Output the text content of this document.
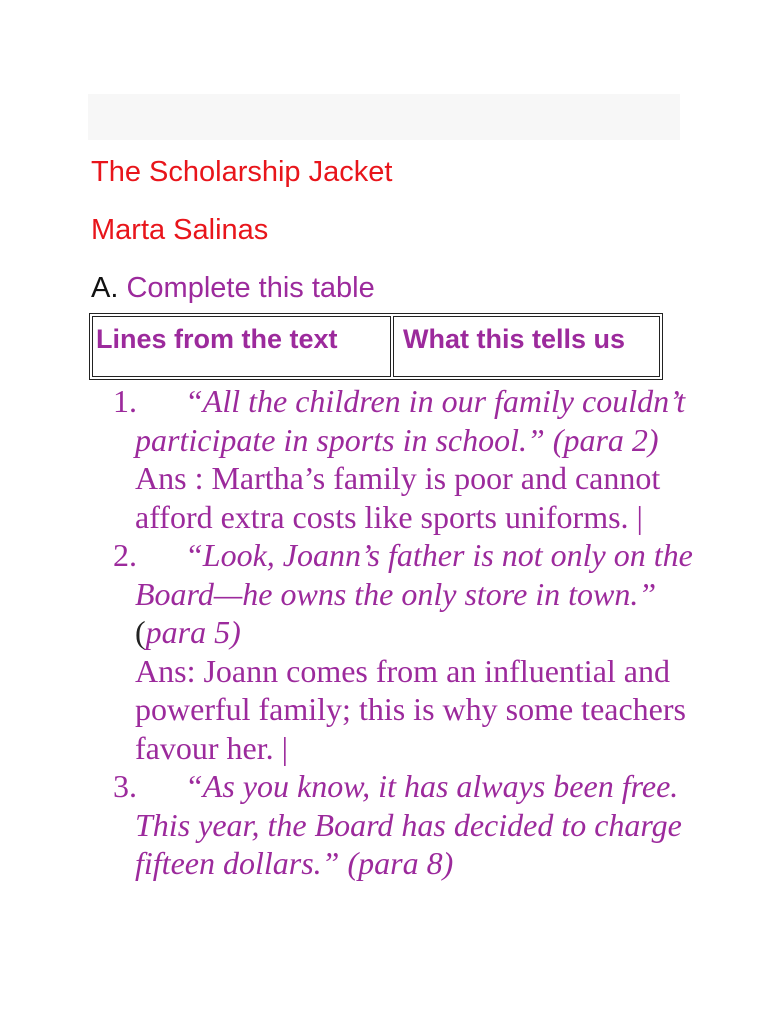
The Scholarship Jacket
Marta Salinas
A. Complete this table
Lines from the text	What this tells us
1. “All the children in our family couldn’t participate in sports in school.” (para 2)
Ans : Martha’s family is poor and cannot afford extra costs like sports uniforms. |
2. “Look, Joann’s father is not only on the Board—he owns the only store in town.” (para 5)
Ans: Joann comes from an influential and powerful family; this is why some teachers favour her. |
3. “As you know, it has always been free. This year, the Board has decided to charge fifteen dollars.” (para 8)
